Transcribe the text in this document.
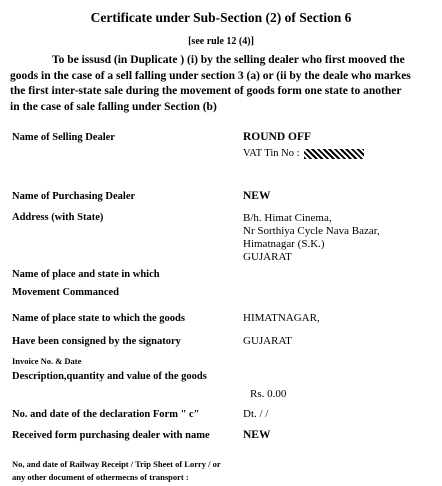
Certificate under Sub-Section (2) of Section 6
[see rule 12 (4)]
To be issusd (in Duplicate ) (i) by the selling dealer who first mooved the
goods in the case of a sell falling under section 3 (a) or (ii by the deale who markes
the first inter-state sale during the movement of goods form one state to another
in the case of sale falling under Section (b)
Name of Selling Dealer	ROUND OFF
VAT Tin No :
Name of Purchasing Dealer	NEW
Address (with State)	B/h. Himat Cinema,
Nr Sorthiya Cycle Nava Bazar,
Himatnagar (S.K.)
GUJARAT
Name of place and state in which
Movement Commanced
Name of place state to which the goods	HIMATNAGAR,
Have been consigned by the signatory	GUJARAT
Invoice No. & Date
Description,quantity and value of the goods
Rs. 0.00
No. and date of the declaration Form " c"	Dt. / /
Received form purchasing dealer with name	NEW
No, and date of Railway Receipt / Trip Sheet of Lorry / or
any other document of othermecns of transport :
